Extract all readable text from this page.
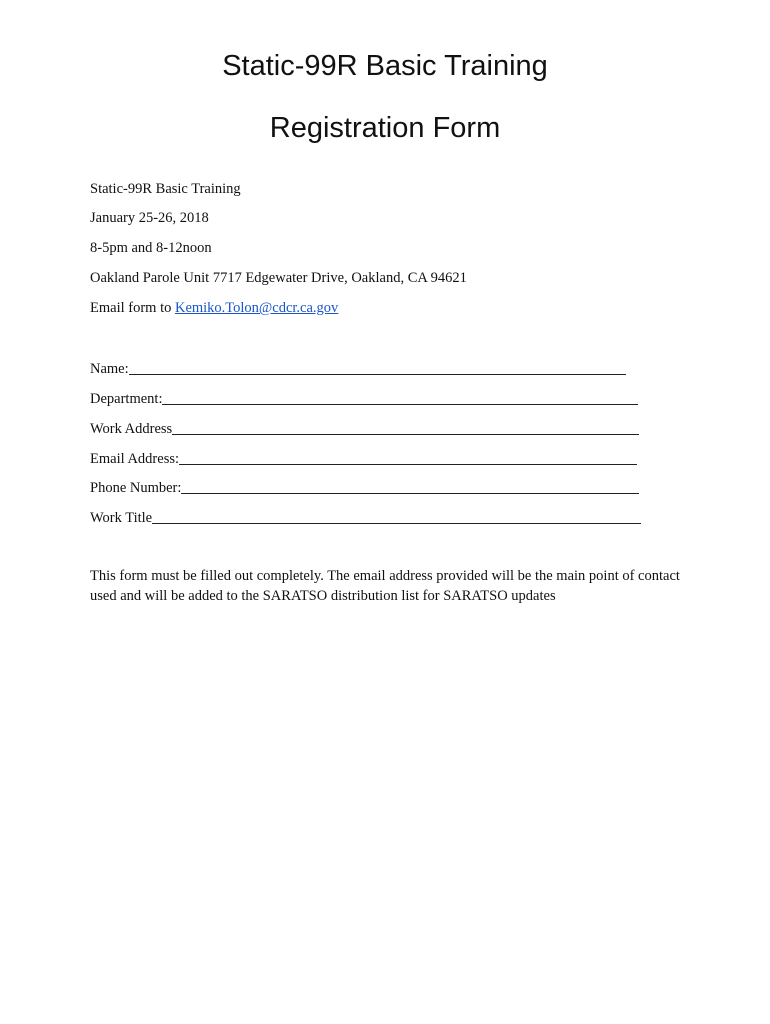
Static-99R Basic Training
Registration Form
Static-99R Basic Training
January 25-26, 2018
8-5pm and 8-12noon
Oakland Parole Unit 7717 Edgewater Drive, Oakland, CA 94621
Email form to Kemiko.Tolon@cdcr.ca.gov
Name:
Department:
Work Address
Email Address:
Phone Number:
Work Title
This form must be filled out completely. The email address provided will be the main point of contact used and will be added to the SARATSO distribution list for SARATSO updates
